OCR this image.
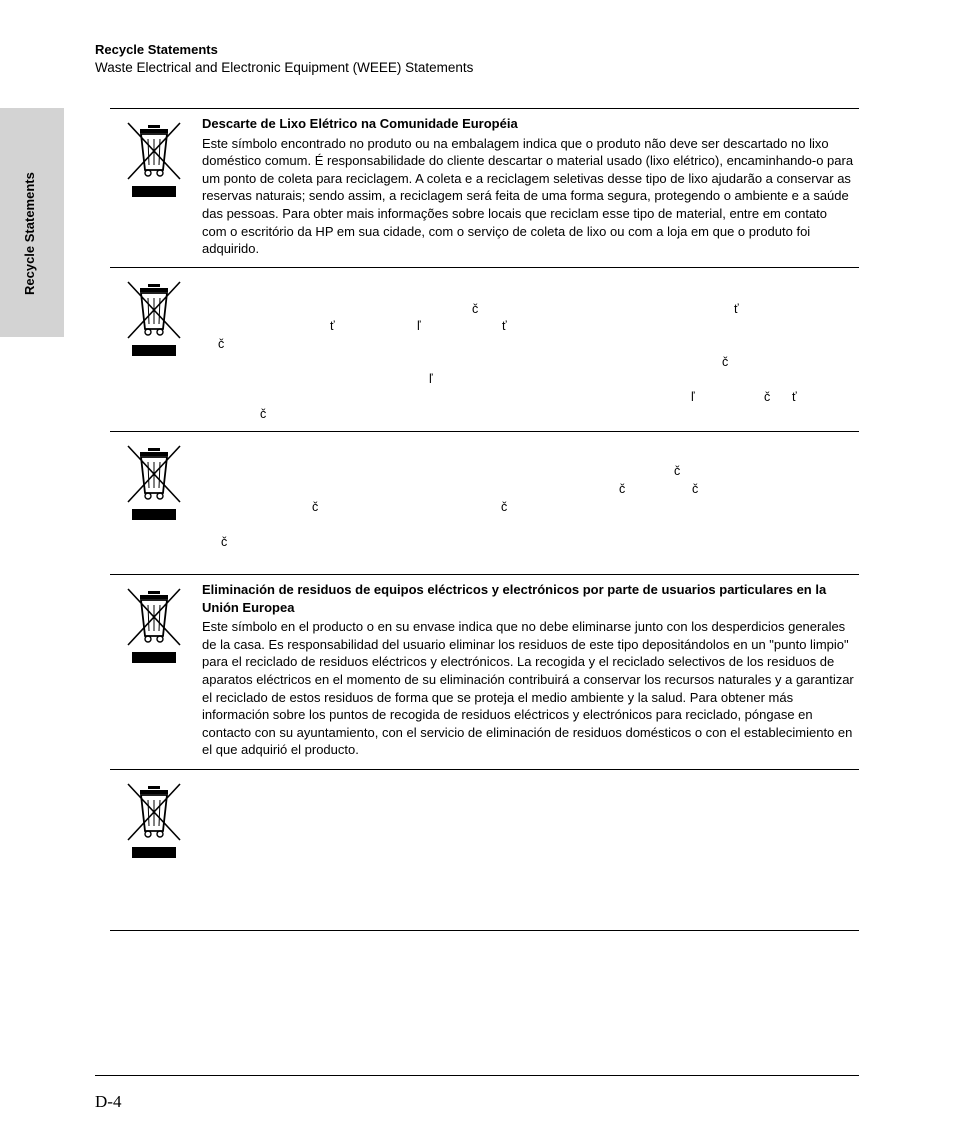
Recycle Statements
Waste Electrical and Electronic Equipment (WEEE) Statements
Recycle Statements
Descarte de Lixo Elétrico na Comunidade Européia
Este símbolo encontrado no produto ou na embalagem indica que o produto não deve ser descartado no lixo doméstico comum. É responsabilidade do cliente descartar o material usado (lixo elétrico), encaminhando-o para um ponto de coleta para reciclagem. A coleta e a reciclagem seletivas desse tipo de lixo ajudarão a conservar as reservas naturais; sendo assim, a reciclagem será feita de uma forma segura, protegendo o ambiente e a saúde das pessoas. Para obter mais informações sobre locais que reciclam esse tipo de material, entre em contato com o escritório da HP em sua cidade, com o serviço de coleta de lixo ou com a loja em que o produto foi adquirido.
č	ť
ť	ľ	ť
č
č
ľ
ľ	č ť
č
č
č	č
č	č
č
Eliminación de residuos de equipos eléctricos y electrónicos por parte de usuarios particulares en la Unión Europea
Este símbolo en el producto o en su envase indica que no debe eliminarse junto con los desperdicios generales de la casa. Es responsabilidad del usuario eliminar los residuos de este tipo depositándolos en un "punto limpio" para el reciclado de residuos eléctricos y electrónicos. La recogida y el reciclado selectivos de los residuos de aparatos eléctricos en el momento de su eliminación contribuirá a conservar los recursos naturales y a garantizar el reciclado de estos residuos de forma que se proteja el medio ambiente y la salud. Para obtener más información sobre los puntos de recogida de residuos eléctricos y electrónicos para reciclado, póngase en contacto con su ayuntamiento, con el servicio de eliminación de residuos domésticos o con el establecimiento en el que adquirió el producto.
D-4
